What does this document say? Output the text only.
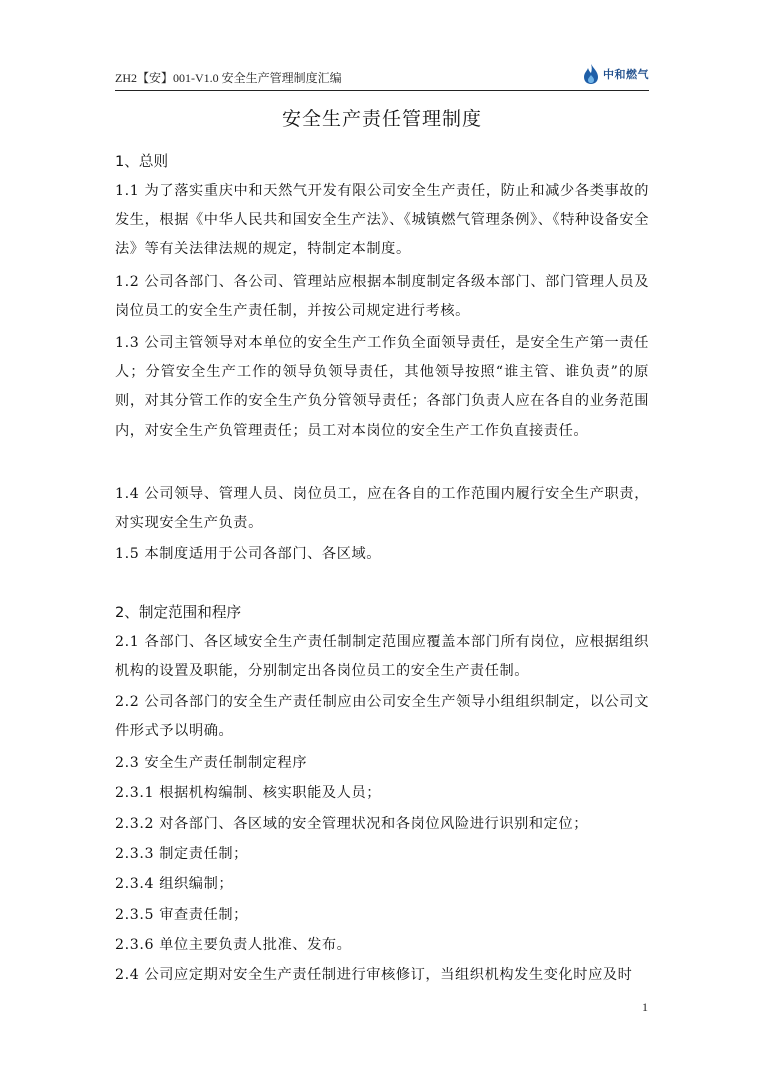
ZH2【安】001-V1.0 安全生产管理制度汇编	中和燃气
安全生产责任管理制度
1、总则
1.1 为了落实重庆中和天然气开发有限公司安全生产责任，防止和减少各类事故的发生，根据《中华人民共和国安全生产法》、《城镇燃气管理条例》、《特种设备安全法》等有关法律法规的规定，特制定本制度。
1.2 公司各部门、各公司、管理站应根据本制度制定各级本部门、部门管理人员及岗位员工的安全生产责任制，并按公司规定进行考核。
1.3 公司主管领导对本单位的安全生产工作负全面领导责任，是安全生产第一责任人；分管安全生产工作的领导负领导责任，其他领导按照“谁主管、谁负责”的原则，对其分管工作的安全生产负分管领导责任；各部门负责人应在各自的业务范围内，对安全生产负管理责任；员工对本岗位的安全生产工作负直接责任。
1.4 公司领导、管理人员、岗位员工，应在各自的工作范围内履行安全生产职责，对实现安全生产负责。
1.5 本制度适用于公司各部门、各区域。
2、制定范围和程序
2.1 各部门、各区域安全生产责任制制定范围应覆盖本部门所有岗位，应根据组织机构的设置及职能，分别制定出各岗位员工的安全生产责任制。
2.2 公司各部门的安全生产责任制应由公司安全生产领导小组组织制定，以公司文件形式予以明确。
2.3 安全生产责任制制定程序
2.3.1 根据机构编制、核实职能及人员；
2.3.2 对各部门、各区域的安全管理状况和各岗位风险进行识别和定位；
2.3.3 制定责任制；
2.3.4 组织编制；
2.3.5 审查责任制；
2.3.6 单位主要负责人批准、发布。
2.4 公司应定期对安全生产责任制进行审核修订，当组织机构发生变化时应及时
1
